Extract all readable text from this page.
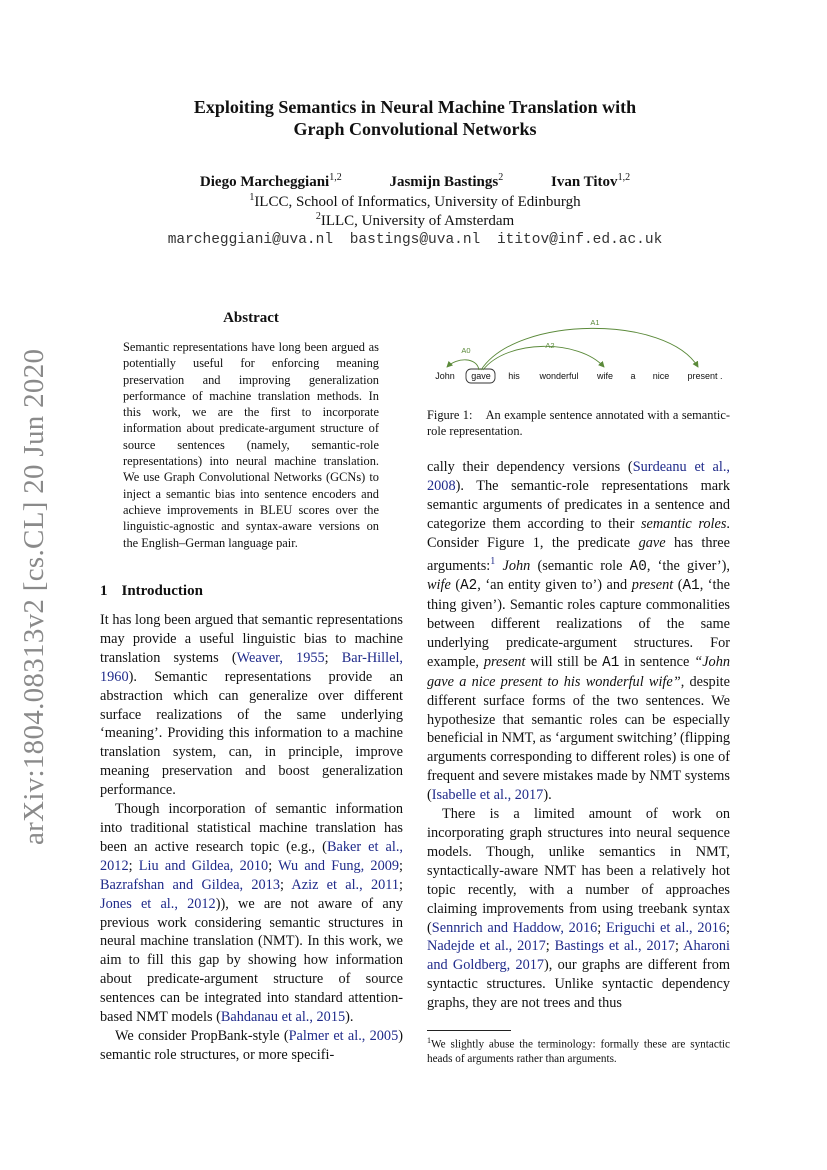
arXiv:1804.08313v2 [cs.CL] 20 Jun 2020
Exploiting Semantics in Neural Machine Translation with
Graph Convolutional Networks
Diego Marcheggiani$^{1,2}$	Jasmijn Bastings$^2$	Ivan Titov$^{1,2}$
$^1$ILCC, School of Informatics, University of Edinburgh
$^2$ILLC, University of Amsterdam
marcheggiani@uva.nl bastings@uva.nl ititov@inf.ed.ac.uk
Abstract
Semantic representations have long been argued as potentially useful for enforcing meaning preservation and improving generalization performance of machine translation methods. In this work, we are the first to incorporate information about predicate-argument structure of source sentences (namely, semantic-role representations) into neural machine translation. We use Graph Convolutional Networks (GCNs) to inject a semantic bias into sentence encoders and achieve improvements in BLEU scores over the linguistic-agnostic and syntax-aware versions on the English–German language pair.
1 Introduction

It has long been argued that semantic representations may provide a useful linguistic bias to machine translation systems (Weaver, 1955; Bar-Hillel, 1960). Semantic representations provide an abstraction which can generalize over different surface realizations of the same underlying ‘meaning’. Providing this information to a machine translation system, can, in principle, improve meaning preservation and boost generalization performance.

Though incorporation of semantic information into traditional statistical machine translation has been an active research topic (e.g., (Baker et al., 2012; Liu and Gildea, 2010; Wu and Fung, 2009; Bazrafshan and Gildea, 2013; Aziz et al., 2011; Jones et al., 2012)), we are not aware of any previous work considering semantic structures in neural machine translation (NMT). In this work, we aim to fill this gap by showing how information about predicate-argument structure of source sentences can be integrated into standard attention-based NMT models (Bahdanau et al., 2015).

We consider PropBank-style (Palmer et al., 2005) semantic role structures, or more specifi-

A0
A2
A1
John gave his wonderful wife a nice present .
Figure 1: An example sentence annotated with a semantic-role representation.

cally their dependency versions (Surdeanu et al., 2008). The semantic-role representations mark semantic arguments of predicates in a sentence and categorize them according to their semantic roles. Consider Figure 1, the predicate gave has three arguments:$^1$ John (semantic role A0, ‘the giver’), wife (A2, ‘an entity given to’) and present (A1, ‘the thing given’). Semantic roles capture commonalities between different realizations of the same underlying predicate-argument structures. For example, present will still be A1 in sentence “John gave a nice present to his wonderful wife”, despite different surface forms of the two sentences. We hypothesize that semantic roles can be especially beneficial in NMT, as ‘argument switching’ (flipping arguments corresponding to different roles) is one of frequent and severe mistakes made by NMT systems (Isabelle et al., 2017).

There is a limited amount of work on incorporating graph structures into neural sequence models. Though, unlike semantics in NMT, syntactically-aware NMT has been a relatively hot topic recently, with a number of approaches claiming improvements from using treebank syntax (Sennrich and Haddow, 2016; Eriguchi et al., 2016; Nadejde et al., 2017; Bastings et al., 2017; Aharoni and Goldberg, 2017), our graphs are different from syntactic structures. Unlike syntactic dependency graphs, they are not trees and thus

$^1$We slightly abuse the terminology: formally these are syntactic heads of arguments rather than arguments.
